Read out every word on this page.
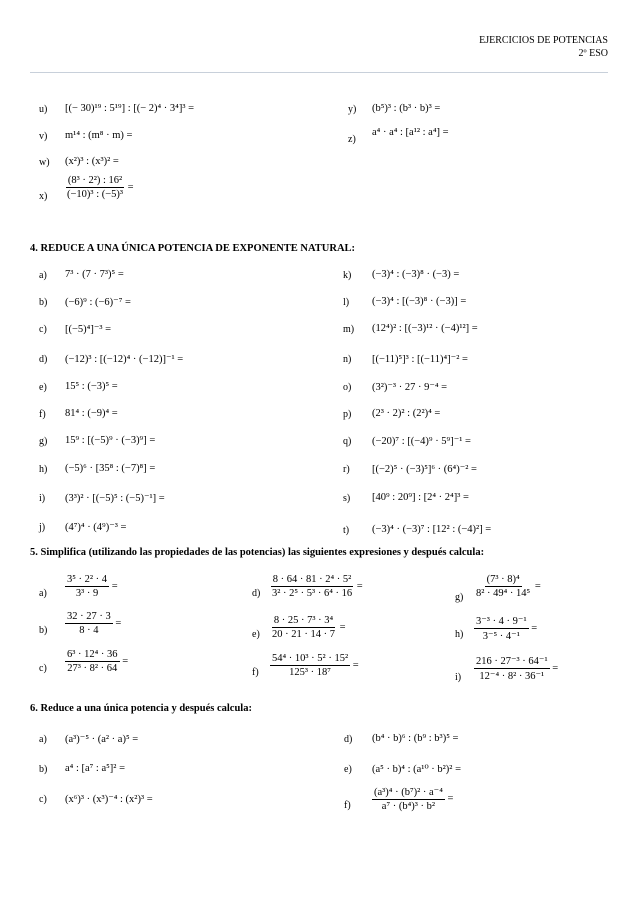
EJERCICIOS DE POTENCIAS
2º ESO
u) [(− 30)¹⁹ : 5¹⁹] : [(− 2)⁴ · 3⁴]³ =
v) m¹⁴ : (m⁸ · m) =
w) (x²)³ : (x³)² =
$x) \frac{\text{(8³ · 2²) : 16²}}{\text{(−10)³ : (−5)³}}$ =
y) (b⁵)³ : (b³ · b)³ =
z)
a⁴ · a⁴ : [a¹² : a⁴] =
4. REDUCE A UNA ÚNICA POTENCIA DE EXPONENTE NATURAL:
a) 7³ · (7 · 7³)⁵ =
b) (−6)⁹ : (−6)⁻⁷ =
c) [(−5)⁴]⁻³ =
d) (−12)³ : [(−12)⁴ · (−12)]⁻¹ =
e) 15⁵ : (−3)⁵ =
f) 81⁴ : (−9)⁴ =
g) 15⁹ : [(−5)⁹ · (−3)⁹] =
h) (−5)⁶ · [35⁸ : (−7)⁸] =
i) (3³)² · [(−5)⁵ : (−5)⁻¹] =
j) (4⁷)⁴ · (4⁹)⁻³ =
k) (−3)⁴ : (−3)⁸ · (−3) =
l) (−3)⁴ : [(−3)⁸ · (−3)] =
m) (12⁴)² : [(−3)¹² · (−4)¹²] =
n) [(−11)⁵]³ : [(−11)⁴]⁻² =
o) (3²)⁻³ · 27 · 9⁻⁴ =
p) (2³ · 2)² : (2²)⁴ =
q) (−20)⁷ : [(−4)⁹ · 5⁹]⁻¹ =
r) [(−2)⁵ · (−3)⁵]⁶ · (6⁴)⁻² =
s) [40⁹ : 20⁹] : [2⁴ · 2⁴]³ =
t) (−3)⁴ · (−3)⁷ : [12² : (−4)²] =
5. Simplifica (utilizando las propiedades de las potencias) las siguientes expresiones y después calcula:
$a) \frac{\text{3⁵ · 2² · 4}}{\text{3³ · 9}}$ =
$b) \frac{32 \cdot 27 \cdot 3}{8 \cdot 4}$ =
$c) \frac{\text{6³ · 12⁴ · 36}}{\text{27³ · 8² · 64}}$ =
$d) \frac{\text{8 · 64 · 81 · 2⁴ · 5²}}{\text{3² · 2⁵ · 5³ · 6⁴ · 16}}$ =
$e) \frac{\text{8 · 25 · 7³ · 3⁴}}{20 \cdot 21 \cdot 14 \cdot 7}$ =
$f) \frac{\text{54⁴ · 10³ · 5² · 15²}}{\text{125³ · 18⁷}}$ =
$g) \frac{\text{(7³ · 8)⁴}}{\text{8² · 49⁴ · 14⁵}}$ =
$h) \frac{\text{3⁻³ · 4 · 9⁻¹}}{\text{3⁻⁵ · 4⁻¹}}$ =
$i) \frac{\text{216 · 27⁻³ · 64⁻¹}}{\text{12⁻⁴ · 8² · 36⁻¹}}$ =
6. Reduce a una única potencia y después calcula:
a) (a³)⁻⁵ · (a² · a)⁵ =
b) a⁴ : [a⁷ : a⁵]² =
c) (x⁶)³ · (x³)⁻⁴ : (x²)³ =
d) (b⁴ · b)⁶ : (b⁹ : b³)⁵ =
e) (a⁵ · b)⁴ : (a¹⁰ · b²)² =
$f) \frac{\text{(a³)⁴ · (b⁷)² · a⁻⁴}}{\text{a⁷ · (b⁴)³ · b²}}$ =
